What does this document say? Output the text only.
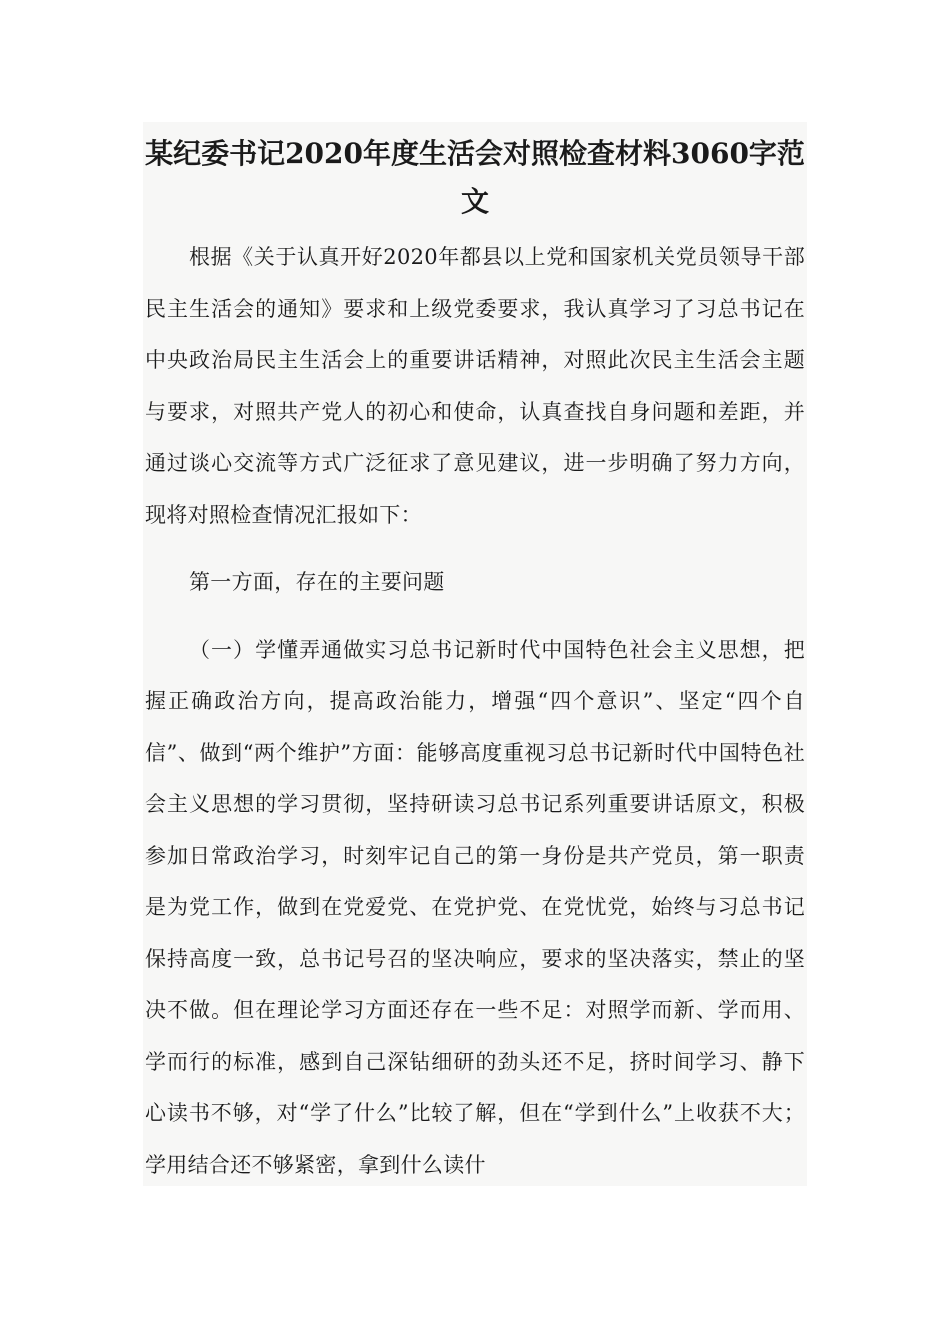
某纪委书记2020年度生活会对照检查材料3060字范文

根据《关于认真开好2020年都县以上党和国家机关党员领导干部民主生活会的通知》要求和上级党委要求，我认真学习了习总书记在中央政治局民主生活会上的重要讲话精神，对照此次民主生活会主题与要求，对照共产党人的初心和使命，认真查找自身问题和差距，并通过谈心交流等方式广泛征求了意见建议，进一步明确了努力方向，现将对照检查情况汇报如下：

第一方面，存在的主要问题

（一）学懂弄通做实习总书记新时代中国特色社会主义思想，把握正确政治方向，提高政治能力，增强“四个意识”、坚定“四个自信”、做到“两个维护”方面：能够高度重视习总书记新时代中国特色社会主义思想的学习贯彻，坚持研读习总书记系列重要讲话原文，积极参加日常政治学习，时刻牢记自己的第一身份是共产党员，第一职责是为党工作，做到在党爱党、在党护党、在党忧党，始终与习总书记保持高度一致，总书记号召的坚决响应，要求的坚决落实，禁止的坚决不做。但在理论学习方面还存在一些不足：对照学而新、学而用、学而行的标准，感到自己深钻细研的劲头还不足，挤时间学习、静下心读书不够，对“学了什么”比较了解，但在“学到什么”上收获不大；学用结合还不够紧密，拿到什么读什
